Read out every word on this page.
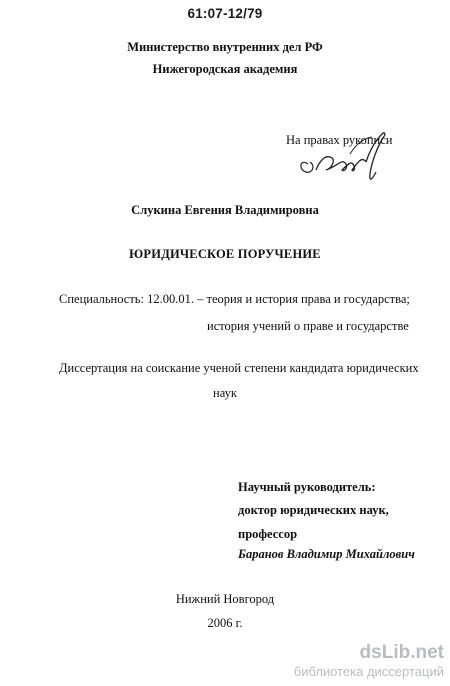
61:07-12/79
Министерство внутренних дел РФ
Нижегородская академия
На правах рукописи
Слукина Евгения Владимировна
ЮРИДИЧЕСКОЕ ПОРУЧЕНИЕ
Специальность: 12.00.01. – теория и история права и государства;
история учений о праве и государстве
Диссертация на соискание ученой степени кандидата юридических
наук
Научный руководитель:
доктор юридических наук,
профессор
Баранов Владимир Михайлович
Нижний Новгород
2006 г.
dsLib.net
библиотека диссертаций
